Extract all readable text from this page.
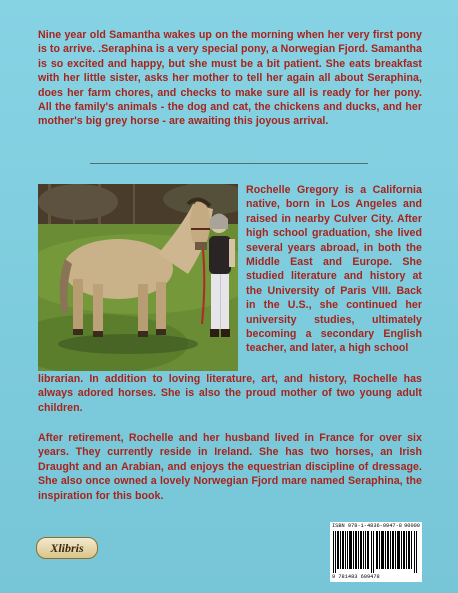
Nine year old Samantha wakes up on the morning when her very first pony is to arrive. .Seraphina is a very special pony, a Norwegian Fjord. Samantha is so excited and happy, but she must be a bit patient. She eats breakfast with her little sister, asks her mother to tell her again all about Seraphina, does her farm chores, and checks to make sure all is ready for her pony. All the family's animals - the dog and cat, the chickens and ducks, and her mother's big grey horse - are awaiting this joyous arrival.

Rochelle Gregory is a California native, born in Los Angeles and raised in nearby Culver City. After high school graduation, she lived several years abroad, in both the Middle East and Europe. She studied literature and history at the University of Paris VIII. Back in the U.S., she continued her university studies, ultimately becoming a secondary English teacher, and later, a high school

librarian. In addition to loving literature, art, and history, Rochelle has always adored horses. She is also the proud mother of two young adult children.

After retirement, Rochelle and her husband lived in France for over six years. They currently reside in Ireland. She has two horses, an Irish Draught and an Arabian, and enjoys the equestrian discipline of dressage. She also once owned a lovely Norwegian Fjord mare named Seraphina, the inspiration for this book.

Xlibris
ISBN 978-1-4836-0947-8 90000
9 781483 609478
